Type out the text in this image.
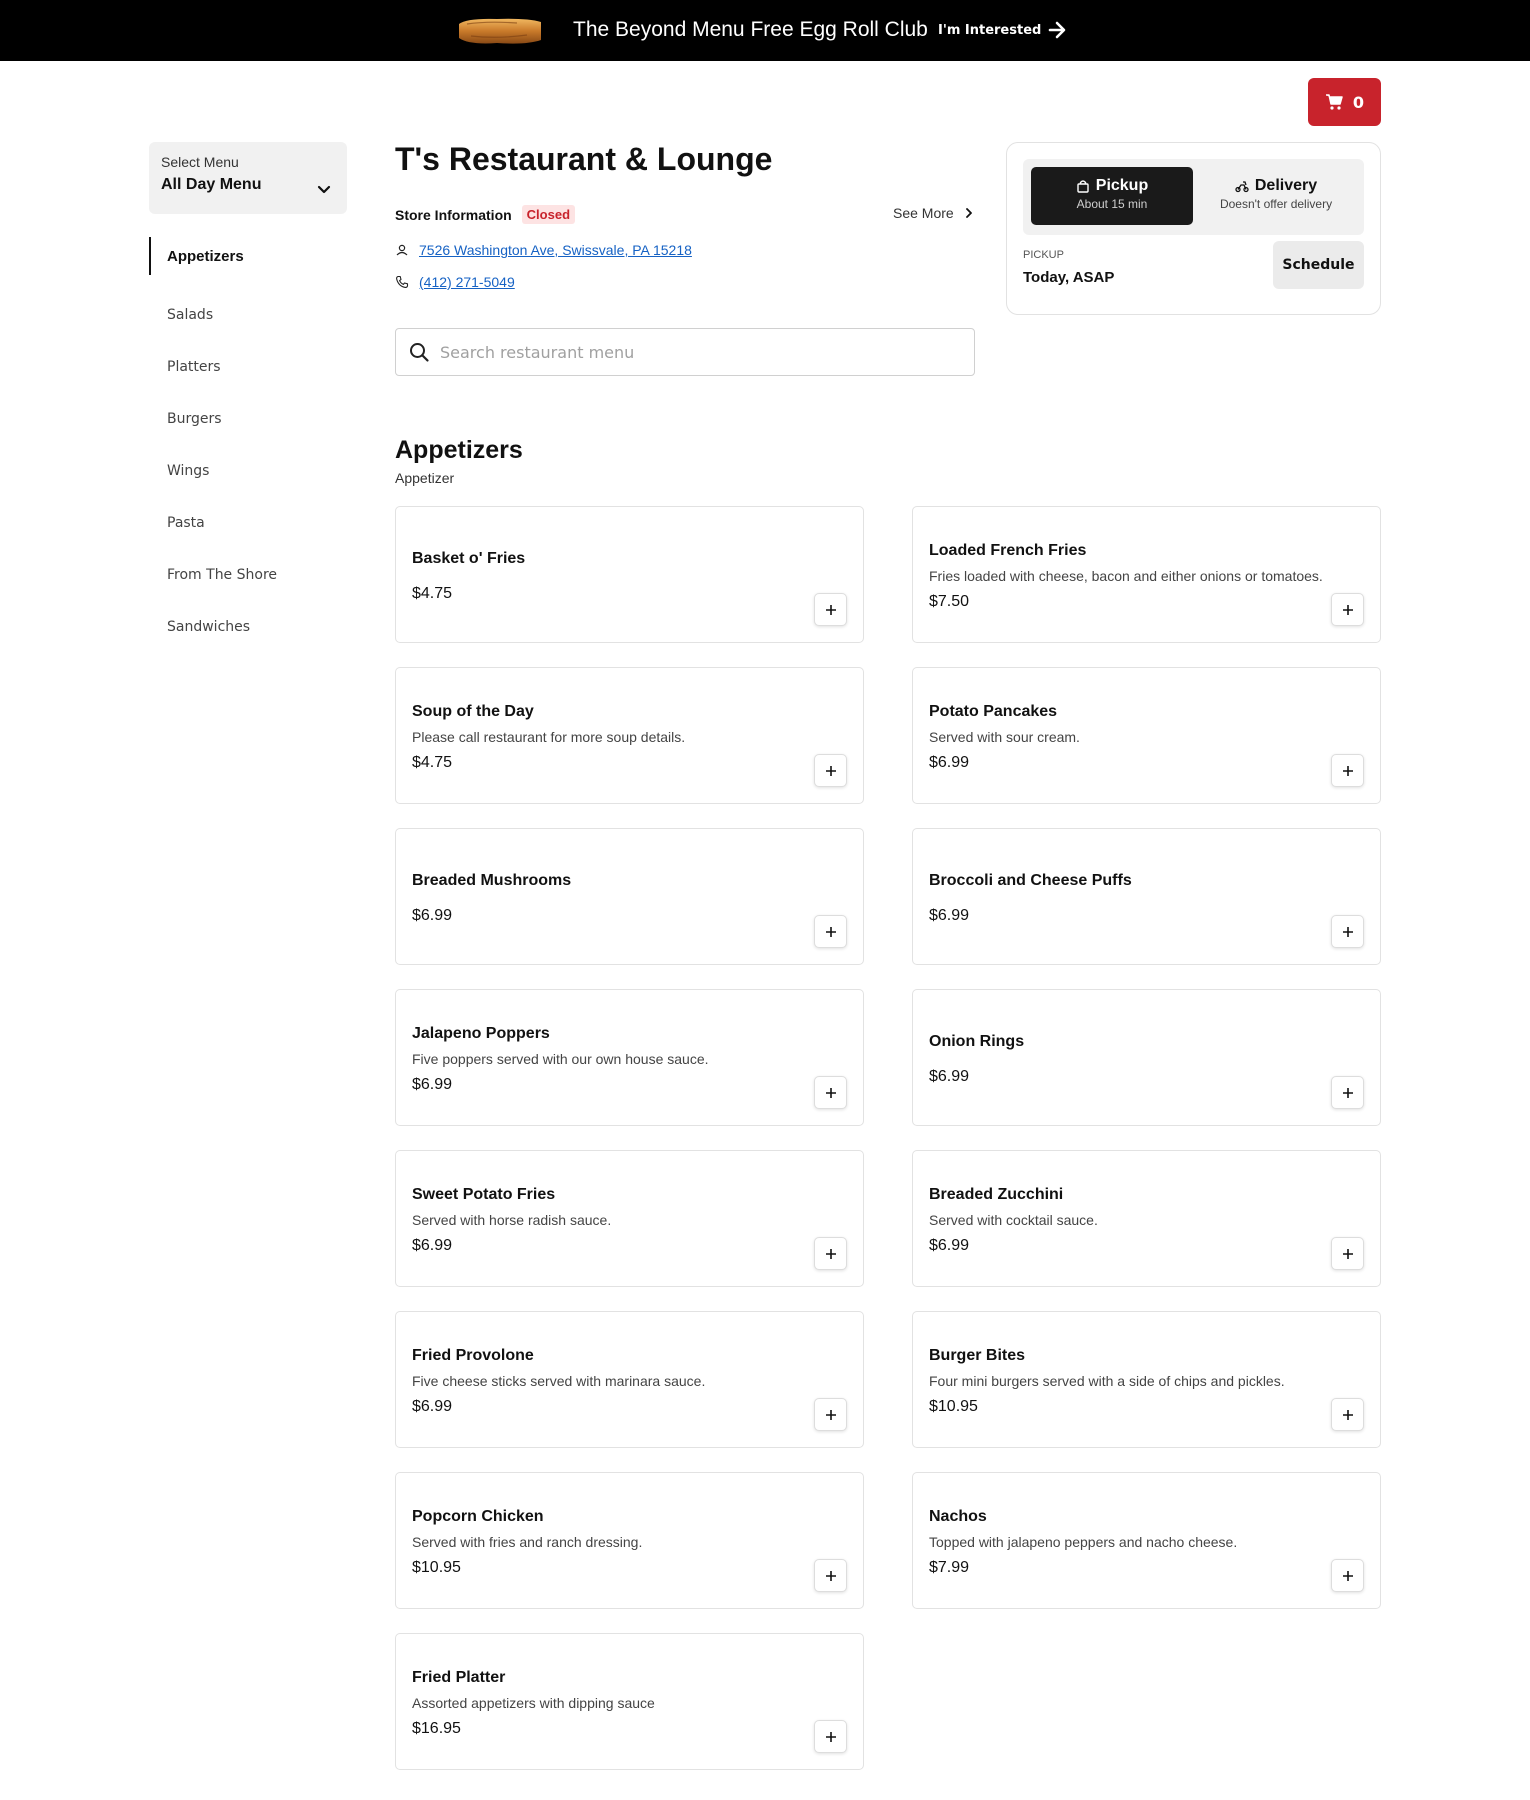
The Beyond Menu Free Egg Roll Club I'm Interested
0
Select Menu
All Day Menu
Appetizers
Salads
Platters
Burgers
Wings
Pasta
From The Shore
Sandwiches
T's Restaurant & Lounge
Store Information	Closed	See More
7526 Washington Ave, Swissvale, PA 15218
(412) 271-5049
Search restaurant menu
Pickup
About 15 min
Delivery
Doesn't offer delivery
PICKUP
Today, ASAP
Schedule
Appetizers
Appetizer
Basket o' Fries
$4.75
Loaded French Fries
Fries loaded with cheese, bacon and either onions or tomatoes.
$7.50
Soup of the Day
Please call restaurant for more soup details.
$4.75
Potato Pancakes
Served with sour cream.
$6.99
Breaded Mushrooms
$6.99
Broccoli and Cheese Puffs
$6.99
Jalapeno Poppers
Five poppers served with our own house sauce.
$6.99
Onion Rings
$6.99
Sweet Potato Fries
Served with horse radish sauce.
$6.99
Breaded Zucchini
Served with cocktail sauce.
$6.99
Fried Provolone
Five cheese sticks served with marinara sauce.
$6.99
Burger Bites
Four mini burgers served with a side of chips and pickles.
$10.95
Popcorn Chicken
Served with fries and ranch dressing.
$10.95
Nachos
Topped with jalapeno peppers and nacho cheese.
$7.99
Fried Platter
Assorted appetizers with dipping sauce
$16.95
